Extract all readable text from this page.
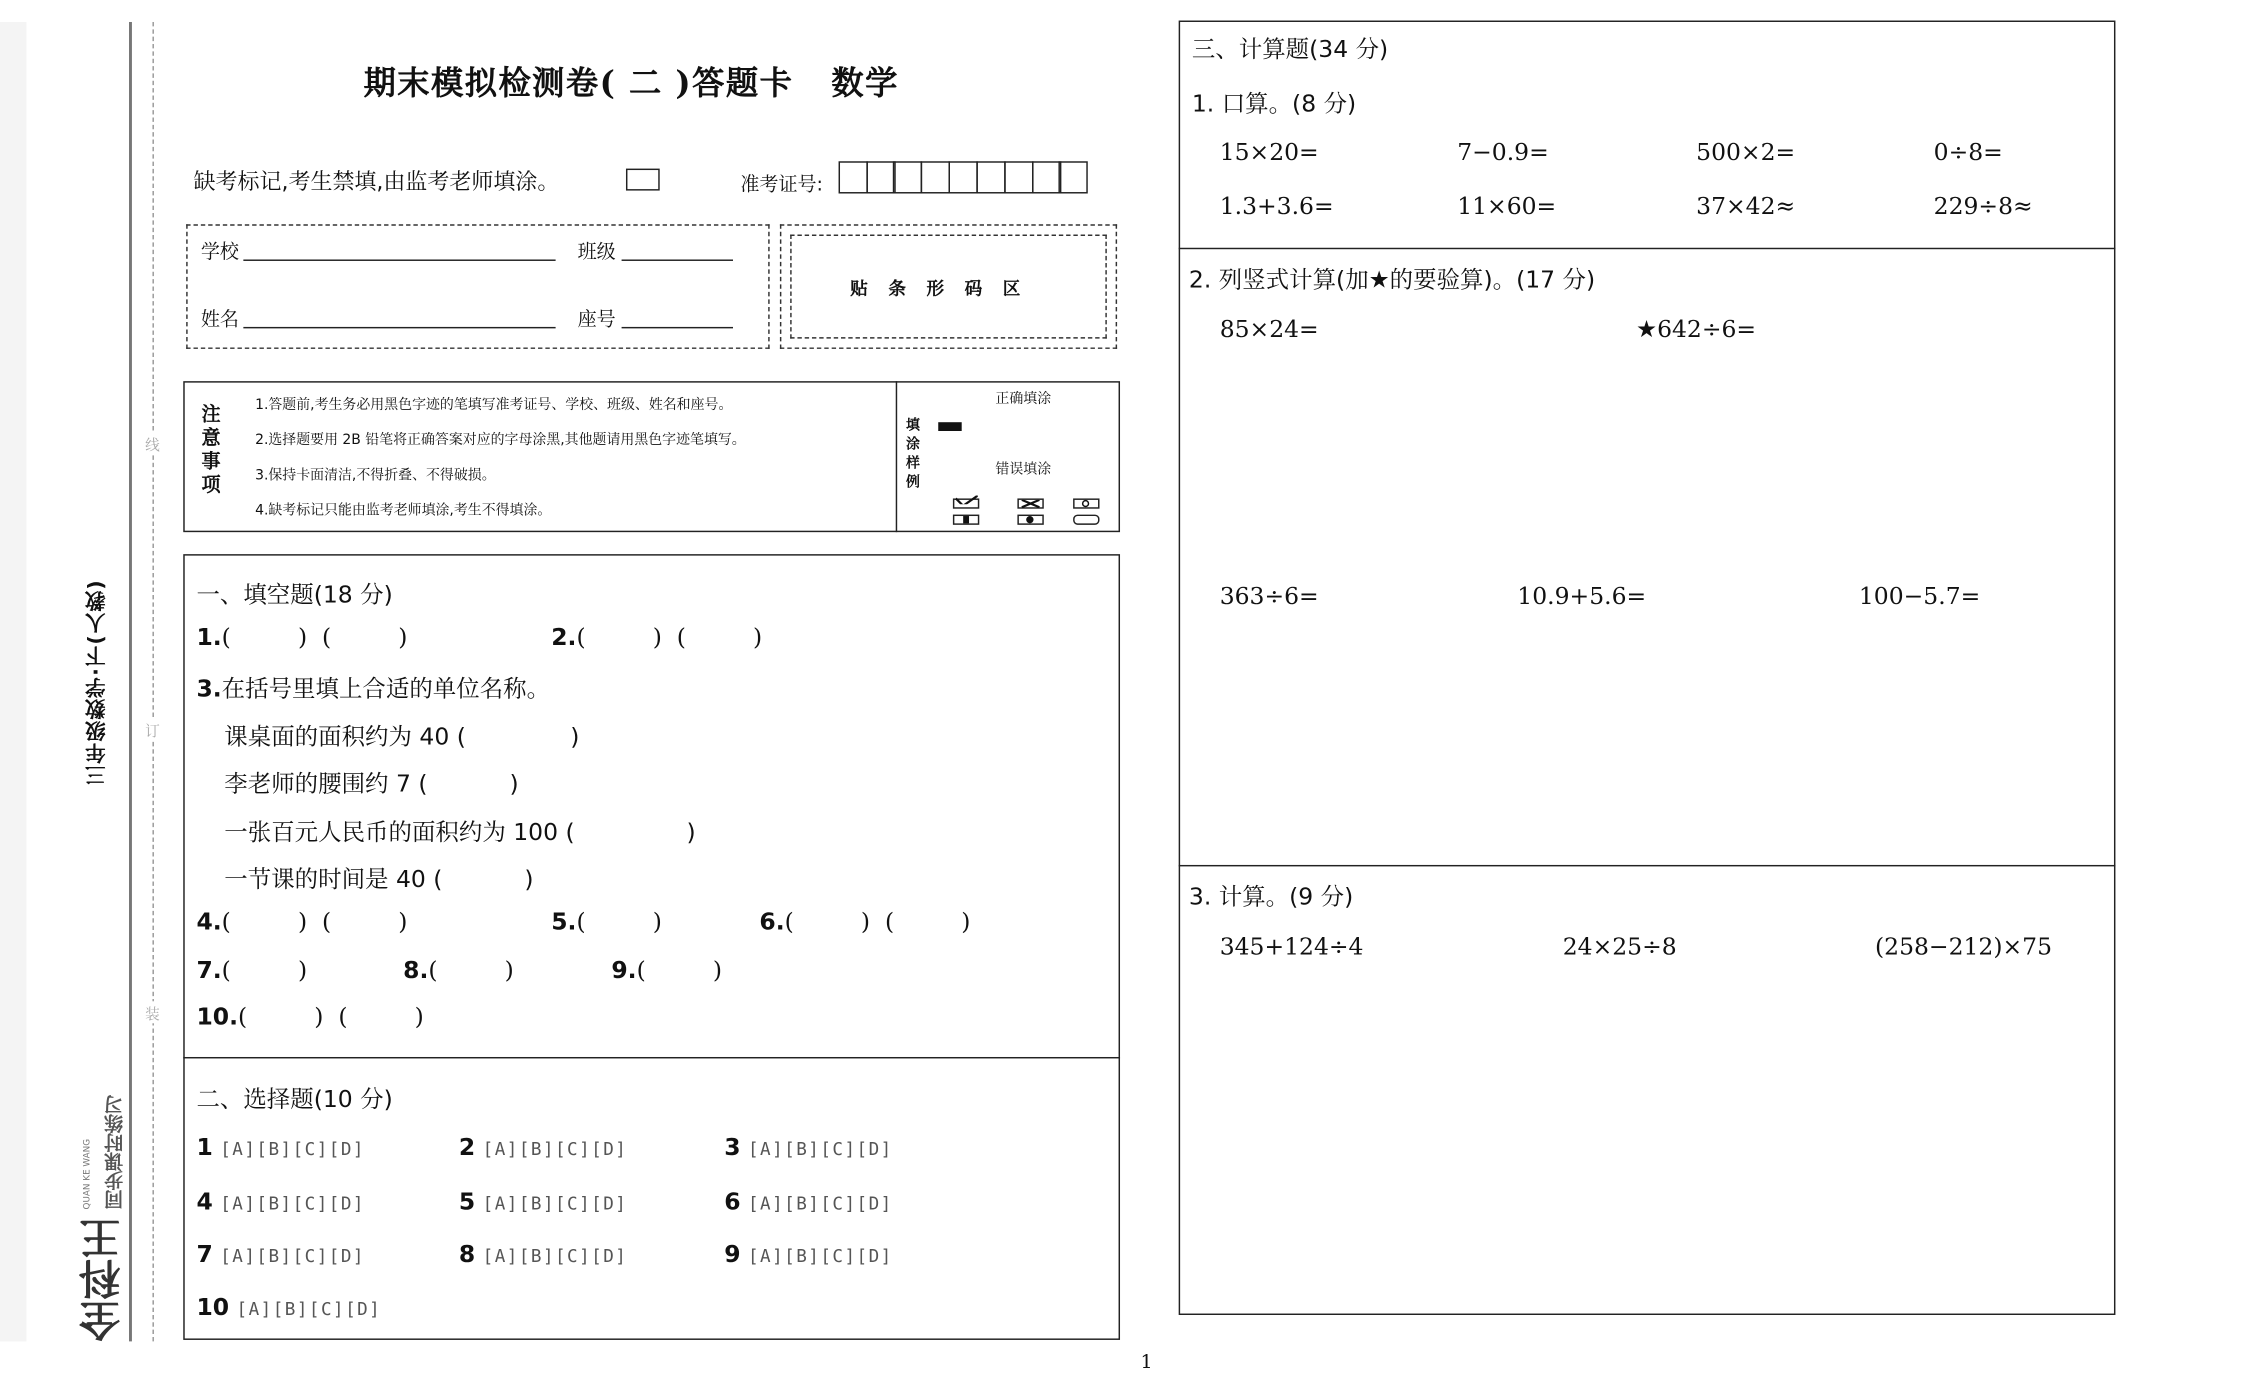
线
订
装
三年级数学·下(人教)
同步课时练习
QUAN KE WANG
全科王
期末模拟检测卷( 二 )答题卡   数学
缺考标记,考生禁填,由监考老师填涂。	准考证号:
学校	班级
姓名	座号
贴条形码区
注意事项
1.答题前,考生务必用黑色字迹的笔填写准考证号、学校、班级、姓名和座号。
2.选择题要用 2B 铅笔将正确答案对应的字母涂黑,其他题请用黑色字迹笔填写。
3.保持卡面清洁,不得折叠、不得破损。
4.缺考标记只能由监考老师填涂,考生不得填涂。
填涂样例
正确填涂
错误填涂
一、填空题(18 分)
1.(         )  (         )	2.(         )  (         )
3.在括号里填上合适的单位名称。
课桌面的面积约为 40 (              )
李老师的腰围约 7 (           )
一张百元人民币的面积约为 100 (               )
一节课的时间是 40 (           )
4.(         )  (         )	5.(         )	6.(         )  (         )
7.(         )	8.(         )	9.(         )
10.(         )  (         )
二、选择题(10 分)
1 [A][B][C][D]	2 [A][B][C][D]	3 [A][B][C][D]
4 [A][B][C][D]	5 [A][B][C][D]	6 [A][B][C][D]
7 [A][B][C][D]	8 [A][B][C][D]	9 [A][B][C][D]
10 [A][B][C][D]
三、计算题(34 分)
1. 口算。(8 分)
15×20=	7−0.9=	500×2=	0÷8=
1.3+3.6=	11×60=	37×42≈	229÷8≈
2. 列竖式计算(加★的要验算)。(17 分)
85×24=	★642÷6=
363÷6=	10.9+5.6=	100−5.7=
3. 计算。(9 分)
345+124÷4	24×25÷8	(258−212)×75
1
